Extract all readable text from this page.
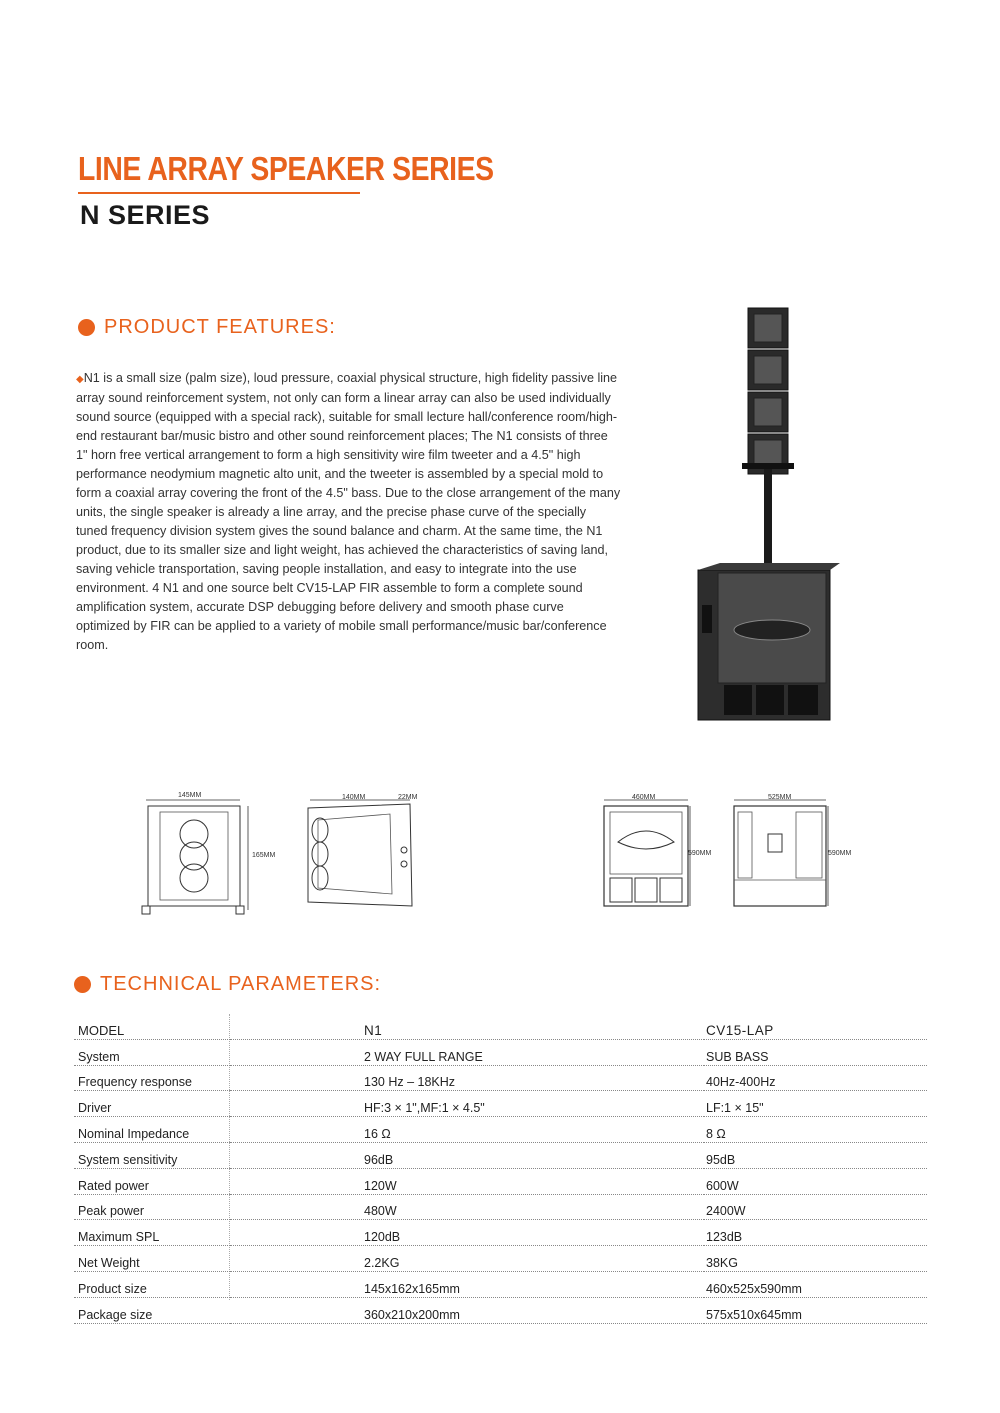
LINE ARRAY SPEAKER SERIES
N SERIES
PRODUCT FEATURES:
◆N1 is a small size (palm size), loud pressure, coaxial physical structure, high fidelity passive line array sound reinforcement system, not only can form a linear array can also be used individually sound source (equipped with a special rack), suitable for small lecture hall/conference room/high-end restaurant bar/music bistro and other sound reinforcement places; The N1 consists of three 1" horn free vertical arrangement to form a high sensitivity wire film tweeter and a 4.5" high performance neodymium magnetic alto unit, and the tweeter is assembled by a special mold to form a coaxial array covering the front of the 4.5" bass. Due to the close arrangement of the many units, the single speaker is already a line array, and the precise phase curve of the specially tuned frequency division system gives the sound balance and charm. At the same time, the N1 product, due to its smaller size and light weight, has achieved the characteristics of saving land, saving vehicle transportation, saving people installation, and easy to integrate into the use environment. 4 N1 and one source belt CV15-LAP FIR assemble to form a complete sound amplification system, accurate DSP debugging before delivery and smooth phase curve optimized by FIR can be applied to a variety of mobile small performance/music bar/conference room.
145MM
165MM
140MM	22MM	460MM
590MM
525MM
590MM
TECHNICAL PARAMETERS:
MODEL	N1	CV15-LAP
System	2 WAY FULL RANGE	SUB BASS
Frequency response	130 Hz – 18KHz	40Hz-400Hz
Driver	HF:3 × 1",MF:1 × 4.5"	LF:1 × 15"
Nominal Impedance	16 Ω	8 Ω
System sensitivity	96dB	95dB
Rated power	120W	600W
Peak power	480W	2400W
Maximum SPL	120dB	123dB
Net Weight	2.2KG	38KG
Product size	145x162x165mm	460x525x590mm
Package size	360x210x200mm	575x510x645mm
